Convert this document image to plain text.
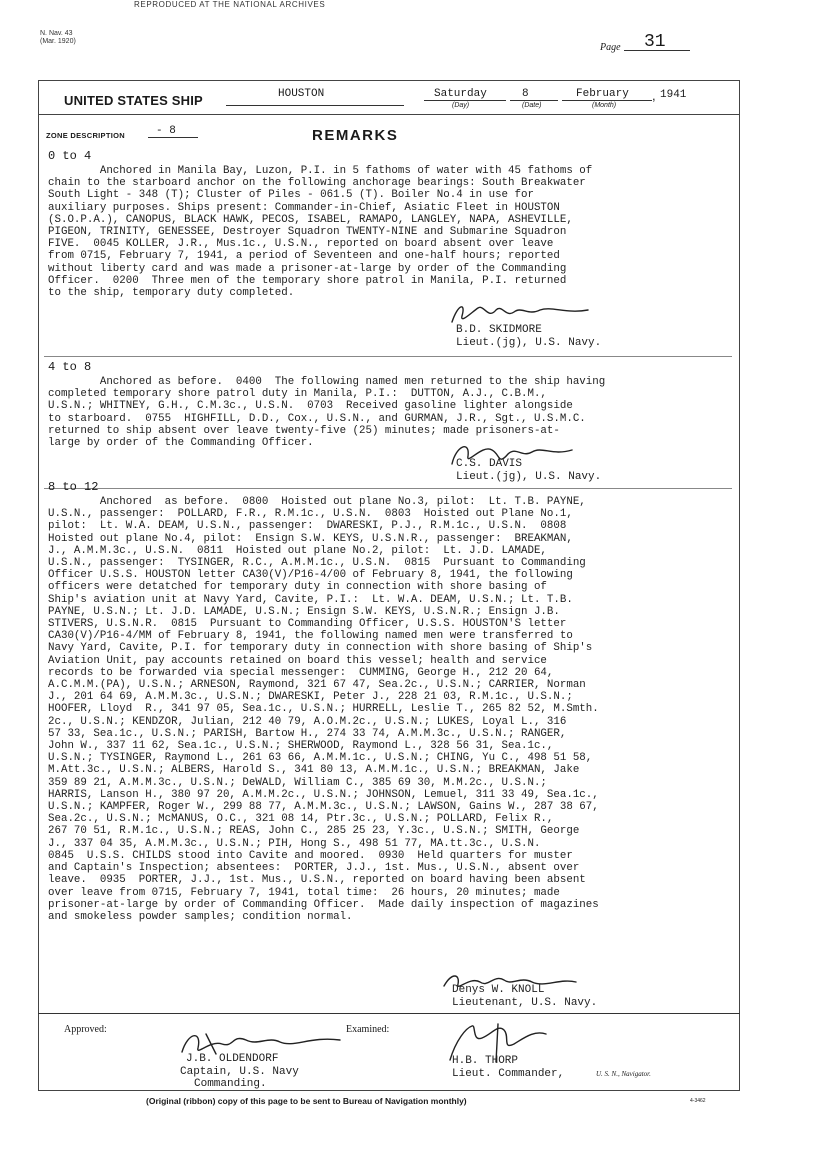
REPRODUCED AT THE NATIONAL ARCHIVES
N. Nav. 43
(Mar. 1920)
Page 31
UNITED STATES SHIP	HOUSTON	Saturday
(Day)
8
(Date)
February
(Month)
, 1941
ZONE DESCRIPTION	- 8	REMARKS
0 to 4
Anchored in Manila Bay, Luzon, P.I. in 5 fathoms of water with 45 fathoms of
chain to the starboard anchor on the following anchorage bearings: South Breakwater
South Light - 348 (T); Cluster of Piles - 061.5 (T). Boiler No.4 in use for
auxiliary purposes. Ships present: Commander-in-Chief, Asiatic Fleet in HOUSTON
(S.O.P.A.), CANOPUS, BLACK HAWK, PECOS, ISABEL, RAMAPO, LANGLEY, NAPA, ASHEVILLE,
PIGEON, TRINITY, GENESSEE, Destroyer Squadron TWENTY-NINE and Submarine Squadron
FIVE.  0045 KOLLER, J.R., Mus.1c., U.S.N., reported on board absent over leave
from 0715, February 7, 1941, a period of Seventeen and one-half hours; reported
without liberty card and was made a prisoner-at-large by order of the Commanding
Officer.  0200  Three men of the temporary shore patrol in Manila, P.I. returned
to the ship, temporary duty completed.
B.D. SKIDMORE
Lieut.(jg), U.S. Navy.
4 to 8
Anchored as before.  0400  The following named men returned to the ship having
completed temporary shore patrol duty in Manila, P.I.:  DUTTON, A.J., C.B.M.,
U.S.N.; WHITNEY, G.H., C.M.3c., U.S.N.  0703  Received gasoline lighter alongside
to starboard.  0755  HIGHFILL, D.D., Cox., U.S.N., and GURMAN, J.R., Sgt., U.S.M.C.
returned to ship absent over leave twenty-five (25) minutes; made prisoners-at-
large by order of the Commanding Officer.
C.S. DAVIS
Lieut.(jg), U.S. Navy.
8 to 12
Anchored  as before.  0800  Hoisted out plane No.3, pilot:  Lt. T.B. PAYNE,
U.S.N., passenger:  POLLARD, F.R., R.M.1c., U.S.N.  0803  Hoisted out Plane No.1,
pilot:  Lt. W.A. DEAM, U.S.N., passenger:  DWARESKI, P.J., R.M.1c., U.S.N.  0808
Hoisted out plane No.4, pilot:  Ensign S.W. KEYS, U.S.N.R., passenger:  BREAKMAN,
J., A.M.M.3c., U.S.N.  0811  Hoisted out plane No.2, pilot:  Lt. J.D. LAMADE,
U.S.N., passenger:  TYSINGER, R.C., A.M.M.1c., U.S.N.  0815  Pursuant to Commanding
Officer U.S.S. HOUSTON letter CA30(V)/P16-4/00 of February 8, 1941, the following
officers were detatched for temporary duty in connection with shore basing of
Ship's aviation unit at Navy Yard, Cavite, P.I.:  Lt. W.A. DEAM, U.S.N.; Lt. T.B.
PAYNE, U.S.N.; Lt. J.D. LAMADE, U.S.N.; Ensign S.W. KEYS, U.S.N.R.; Ensign J.B.
STIVERS, U.S.N.R.  0815  Pursuant to Commanding Officer, U.S.S. HOUSTON'S letter
CA30(V)/P16-4/MM of February 8, 1941, the following named men were transferred to
Navy Yard, Cavite, P.I. for temporary duty in connection with shore basing of Ship's
Aviation Unit, pay accounts retained on board this vessel; health and service
records to be forwarded via special messenger:  CUMMING, George H., 212 20 64,
A.C.M.M.(PA), U.S.N.; ARNESON, Raymond, 321 67 47, Sea.2c., U.S.N.; CARRIER, Norman
J., 201 64 69, A.M.M.3c., U.S.N.; DWARESKI, Peter J., 228 21 03, R.M.1c., U.S.N.;
HOOFER, Lloyd  R., 341 97 05, Sea.1c., U.S.N.; HURRELL, Leslie T., 265 82 52, M.Smth.
2c., U.S.N.; KENDZOR, Julian, 212 40 79, A.O.M.2c., U.S.N.; LUKES, Loyal L., 316
57 33, Sea.1c., U.S.N.; PARISH, Bartow H., 274 33 74, A.M.M.3c., U.S.N.; RANGER,
John W., 337 11 62, Sea.1c., U.S.N.; SHERWOOD, Raymond L., 328 56 31, Sea.1c.,
U.S.N.; TYSINGER, Raymond L., 261 63 66, A.M.M.1c., U.S.N.; CHING, Yu C., 498 51 58,
M.Att.3c., U.S.N.; ALBERS, Harold S., 341 80 13, A.M.M.1c., U.S.N.; BREAKMAN, Jake
359 89 21, A.M.M.3c., U.S.N.; DeWALD, William C., 385 69 30, M.M.2c., U.S.N.;
HARRIS, Lanson H., 380 97 20, A.M.M.2c., U.S.N.; JOHNSON, Lemuel, 311 33 49, Sea.1c.,
U.S.N.; KAMPFER, Roger W., 299 88 77, A.M.M.3c., U.S.N.; LAWSON, Gains W., 287 38 67,
Sea.2c., U.S.N.; McMANUS, O.C., 321 08 14, Ptr.3c., U.S.N.; POLLARD, Felix R.,
267 70 51, R.M.1c., U.S.N.; REAS, John C., 285 25 23, Y.3c., U.S.N.; SMITH, George
J., 337 04 35, A.M.M.3c., U.S.N.; PIH, Hong S., 498 51 77, MA.tt.3c., U.S.N.
0845  U.S.S. CHILDS stood into Cavite and moored.  0930  Held quarters for muster
and Captain's Inspection; absentees:  PORTER, J.J., 1st. Mus., U.S.N., absent over
leave.  0935  PORTER, J.J., 1st. Mus., U.S.N., reported on board having been absent
over leave from 0715, February 7, 1941, total time:  26 hours, 20 minutes; made
prisoner-at-large by order of Commanding Officer.  Made daily inspection of magazines
and smokeless powder samples; condition normal.
Denys W. KNOLL
Lieutenant, U.S. Navy.
Approved:
J.B. OLDENDORF
Captain, U.S. Navy
Commanding.
Examined:
H.B. THORP
Lieut. Commander,	U. S. N., Navigator.
(Original (ribbon) copy of this page to be sent to Bureau of Navigation monthly)	4-3462
